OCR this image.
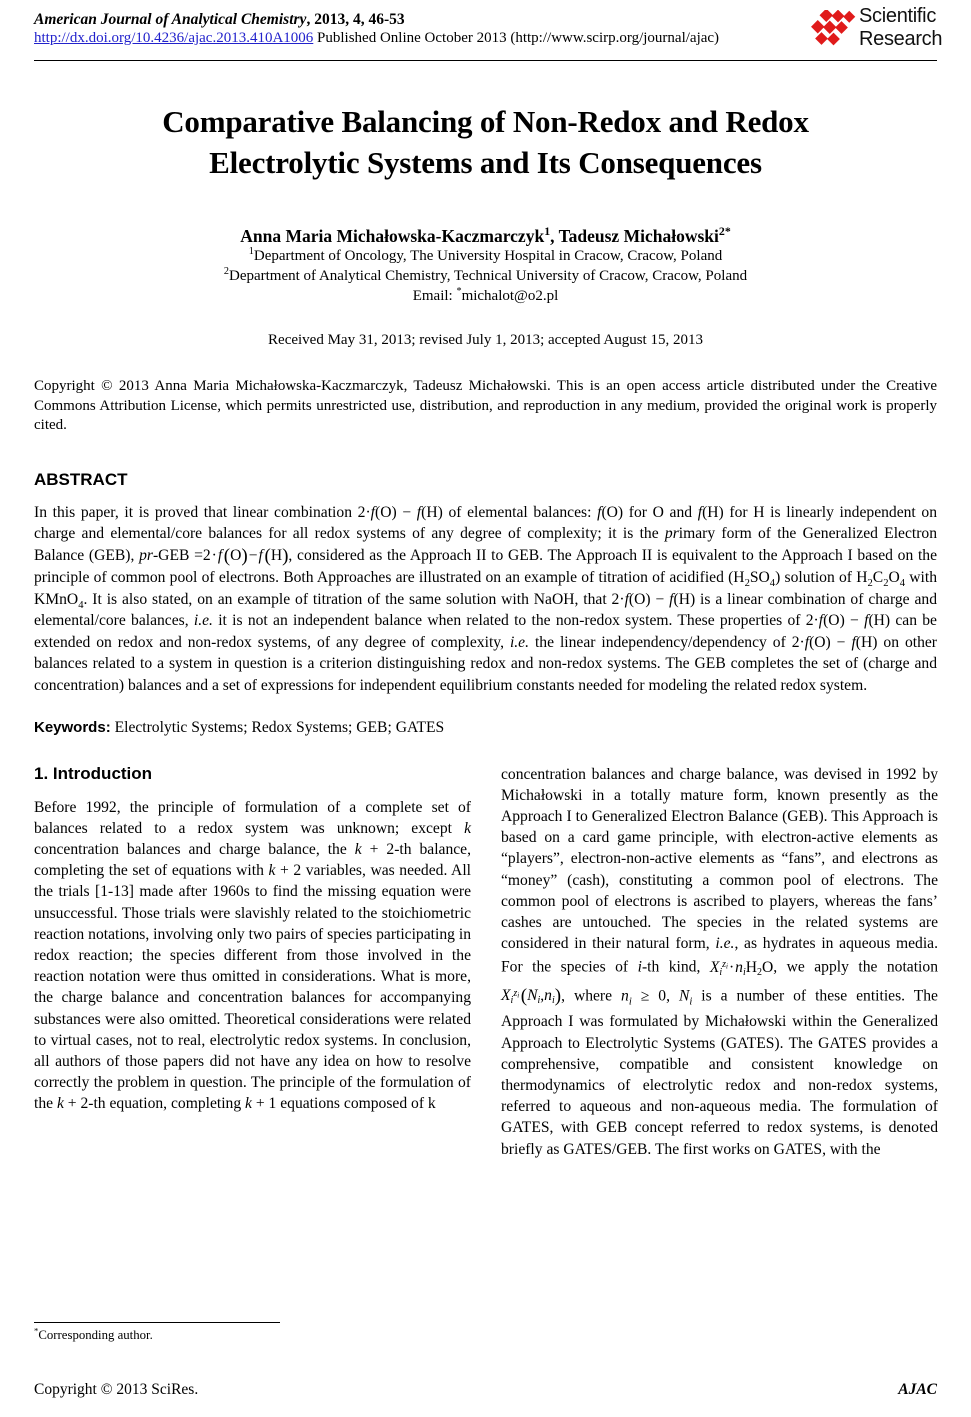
American Journal of Analytical Chemistry, 2013, 4, 46-53
http://dx.doi.org/10.4236/ajac.2013.410A1006 Published Online October 2013 (http://www.scirp.org/journal/ajac)
Scientific
Research
Comparative Balancing of Non-Redox and Redox
Electrolytic Systems and Its Consequences
Anna Maria Michałowska-Kaczmarczyk$^1$, Tadeusz Michałowski$^{2*}$
$^1$Department of Oncology, The University Hospital in Cracow, Cracow, Poland
$^2$Department of Analytical Chemistry, Technical University of Cracow, Cracow, Poland
Email: *michalot@o2.pl
Received May 31, 2013; revised July 1, 2013; accepted August 15, 2013
Copyright © 2013 Anna Maria Michałowska-Kaczmarczyk, Tadeusz Michałowski. This is an open access article distributed under the Creative Commons Attribution License, which permits unrestricted use, distribution, and reproduction in any medium, provided the original work is properly cited.
ABSTRACT
In this paper, it is proved that linear combination 2·f(O) − f(H) of elemental balances: f(O) for O and f(H) for H is linearly independent on charge and elemental/core balances for all redox systems of any degree of complexity; it is the primary form of the Generalized Electron Balance (GEB), pr-GEB =2·f (O)−f (H), considered as the Approach II to GEB. The Approach II is equivalent to the Approach I based on the principle of common pool of electrons. Both Approaches are illustrated on an example of titration of acidified $(H_2SO_4)$ solution of $H_2C_2O_4$ with KMnO$_4$. It is also stated, on an example of titration of the same solution with NaOH, that 2·f(O) − f(H) is a linear combination of charge and elemental/core balances, i.e. it is not an independent balance when related to the non-redox system. These properties of 2·f(O) − f(H) can be extended on redox and non-redox systems, of any degree of complexity, i.e. the linear independency/dependency of 2·f(O) − f(H) on other balances related to a system in question is a criterion distinguishing redox and non-redox systems. The GEB completes the set of (charge and concentration) balances and a set of expressions for independent equilibrium constants needed for modeling the related redox system.
Keywords: Electrolytic Systems; Redox Systems; GEB; GATES
1. Introduction

Before 1992, the principle of formulation of a complete set of balances related to a redox system was unknown; except k concentration balances and charge balance, the k + 2-th balance, completing the set of equations with k + 2 variables, was needed. All the trials [1-13] made after 1960s to find the missing equation were unsuccessful. Those trials were slavishly related to the stoichiometric reaction notations, involving only two pairs of species participating in redox reaction; the species different from those involved in the reaction notation were thus omitted in considerations. What is more, the charge balance and concentration balances for accompanying substances were also omitted. Theoretical considerations were related to virtual cases, not to real, electrolytic redox systems. In conclusion, all authors of those papers did not have any idea on how to resolve correctly the problem in question. The principle of the formulation of the k + 2-th equation, completing k + 1 equations composed of k

concentration balances and charge balance, was devised in 1992 by Michałowski in a totally mature form, known presently as the Approach I to Generalized Electron Balance (GEB). This Approach is based on a card game principle, with electron-active elements as “players”, electron-non-active elements as “fans”, and electrons as “money” (cash), constituting a common pool of electrons. The common pool of electrons is ascribed to players, whereas the fans’ cashes are untouched. The species in the related systems are considered in their natural form, i.e., as hydrates in aqueous media. For the species of i-th kind, $Xi^{zi}\cdot niH2O$, we apply the notation $Xi^{zi}$ (Ni,ni), where $n_i \ge 0$, $N_i$ is a number of these entities. The Approach I was formulated by Michałowski within the Generalized Approach to Electrolytic Systems (GATES). The GATES provides a comprehensive, compatible and consistent knowledge on thermodynamics of electrolytic redox and non-redox systems, referred to aqueous and non-aqueous media. The formulation of GATES, with GEB concept referred to redox systems, is denoted briefly as GATES/GEB. The first works on GATES, with the

*Corresponding author.
Copyright © 2013 SciRes.	AJAC
